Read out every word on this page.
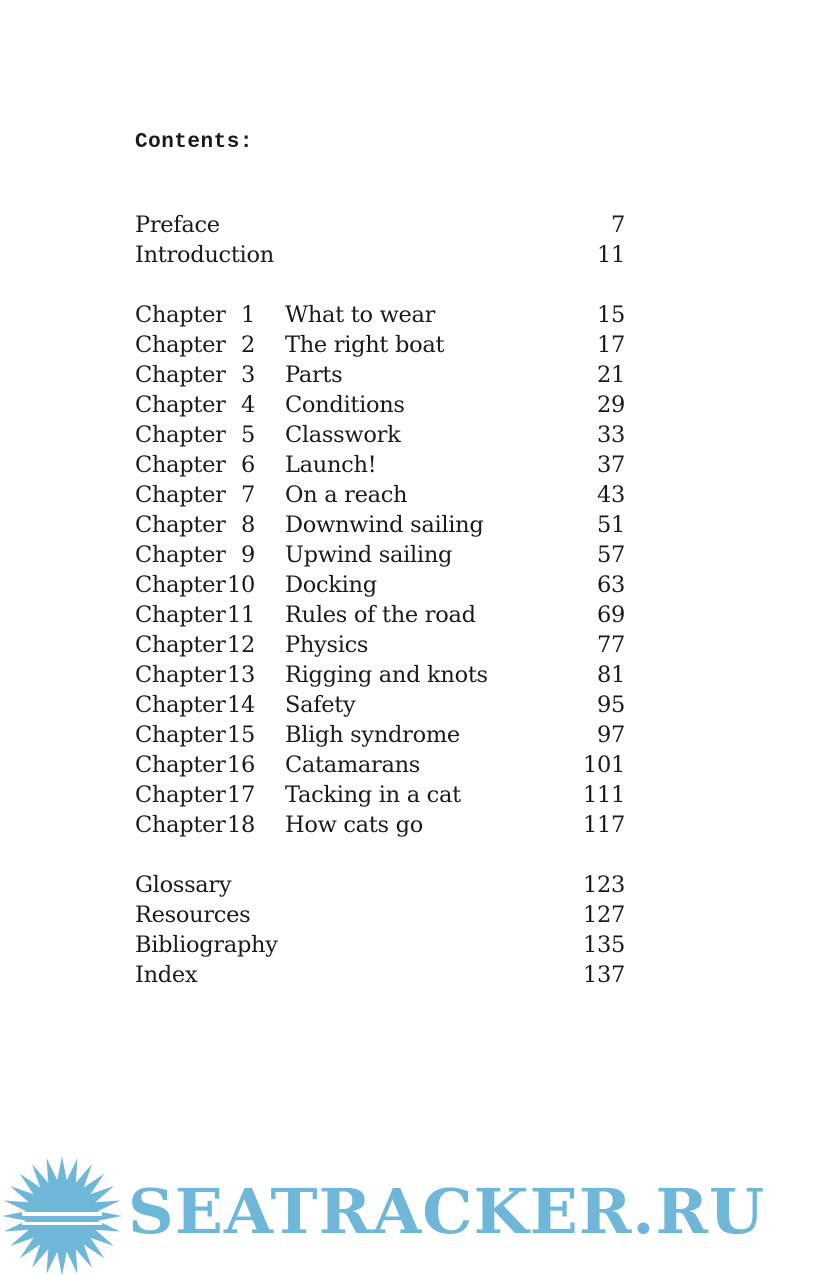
Contents:
Preface	7
Introduction	11
Chapter 1 What to wear	15
Chapter 2 The right boat	17
Chapter 3 Parts	21
Chapter 4 Conditions	29
Chapter 5 Classwork	33
Chapter 6 Launch!	37
Chapter 7 On a reach	43
Chapter 8 Downwind sailing	51
Chapter 9 Upwind sailing	57
Chapter 10 Docking	63
Chapter 11 Rules of the road	69
Chapter 12 Physics	77
Chapter 13 Rigging and knots	81
Chapter 14 Safety	95
Chapter 15 Bligh syndrome	97
Chapter 16 Catamarans	101
Chapter 17 Tacking in a cat	111
Chapter 18 How cats go	117
Glossary	123
Resources	127
Bibliography	135
Index	137
SEATRACKER.RU
